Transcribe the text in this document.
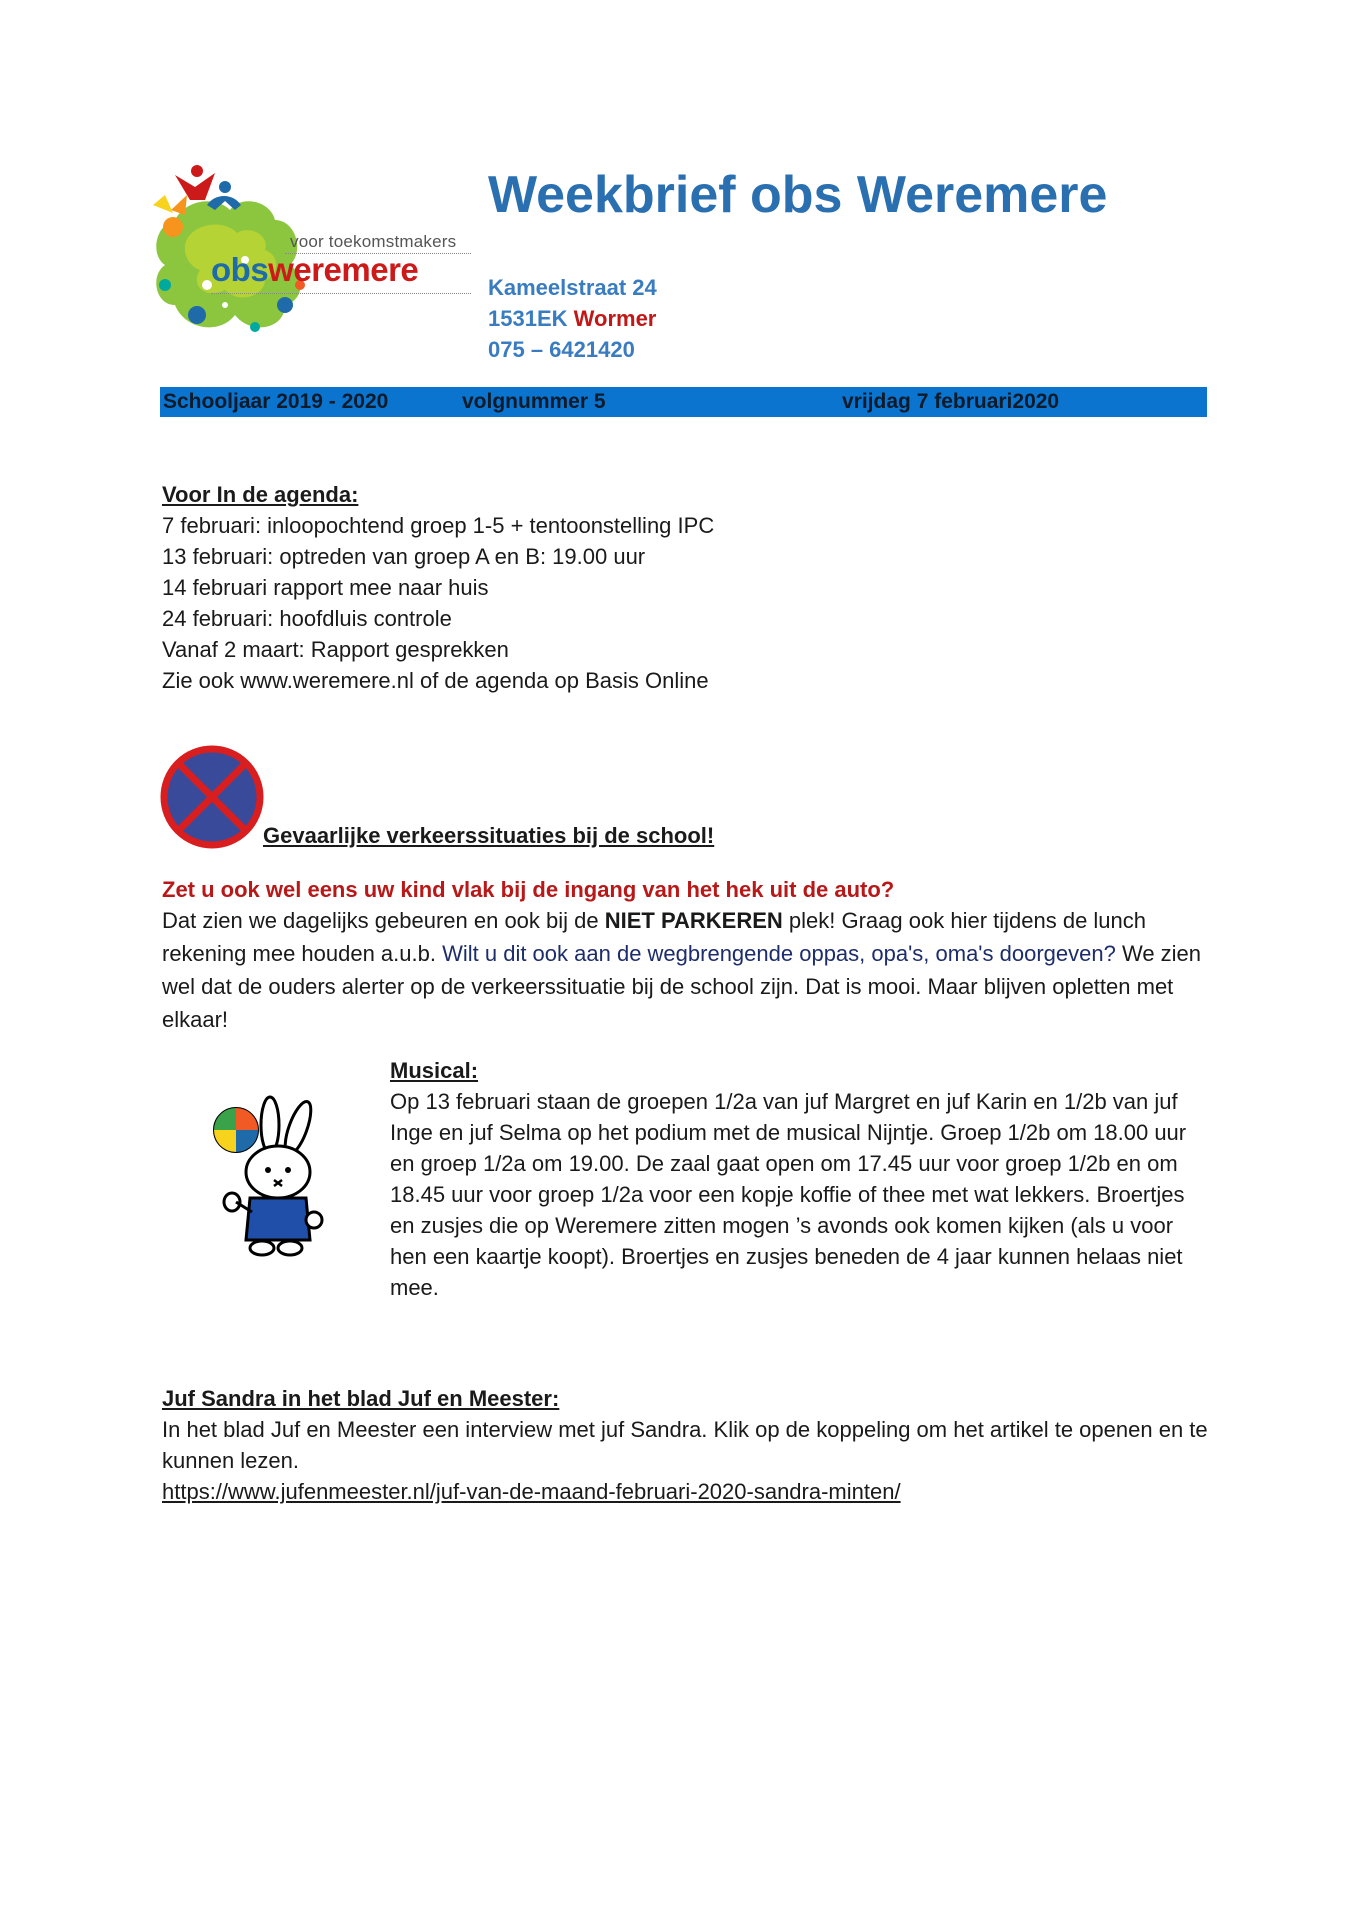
voor toekomstmakers
obsweremere
Weekbrief obs Weremere
Kameelstraat 24
1531EK Wormer
075 – 6421420
Schooljaar 2019 - 2020	volgnummer 5	vrijdag 7 februari2020
Voor In de agenda:
7 februari: inloopochtend groep 1-5 + tentoonstelling IPC
13 februari: optreden van groep A en B: 19.00 uur
14 februari rapport mee naar huis
24 februari: hoofdluis controle
Vanaf 2 maart: Rapport gesprekken
Zie ook www.weremere.nl of de agenda op Basis Online
Gevaarlijke verkeerssituaties bij de school!
Zet u ook wel eens uw kind vlak bij de ingang van het hek uit de auto?
Dat zien we dagelijks gebeuren en ook bij de NIET PARKEREN plek! Graag ook hier tijdens de lunch rekening mee houden a.u.b. Wilt u dit ook aan de wegbrengende oppas, opa's, oma's doorgeven? We zien wel dat de ouders alerter op de verkeerssituatie bij de school zijn. Dat is mooi. Maar blijven opletten met elkaar!
Musical:
Op 13 februari staan de groepen 1/2a van juf Margret en juf Karin en 1/2b van juf Inge en juf Selma op het podium met de musical Nijntje. Groep 1/2b om 18.00 uur en groep 1/2a om 19.00. De zaal gaat open om 17.45 uur voor groep 1/2b en om 18.45 uur voor groep 1/2a voor een kopje koffie of thee met wat lekkers. Broertjes en zusjes die op Weremere zitten mogen ’s avonds ook komen kijken (als u voor hen een kaartje koopt). Broertjes en zusjes beneden de 4 jaar kunnen helaas niet mee.
Juf Sandra in het blad Juf en Meester:
In het blad Juf en Meester een interview met juf Sandra. Klik op de koppeling om het artikel te openen en te kunnen lezen.
https://www.jufenmeester.nl/juf-van-de-maand-februari-2020-sandra-minten/
